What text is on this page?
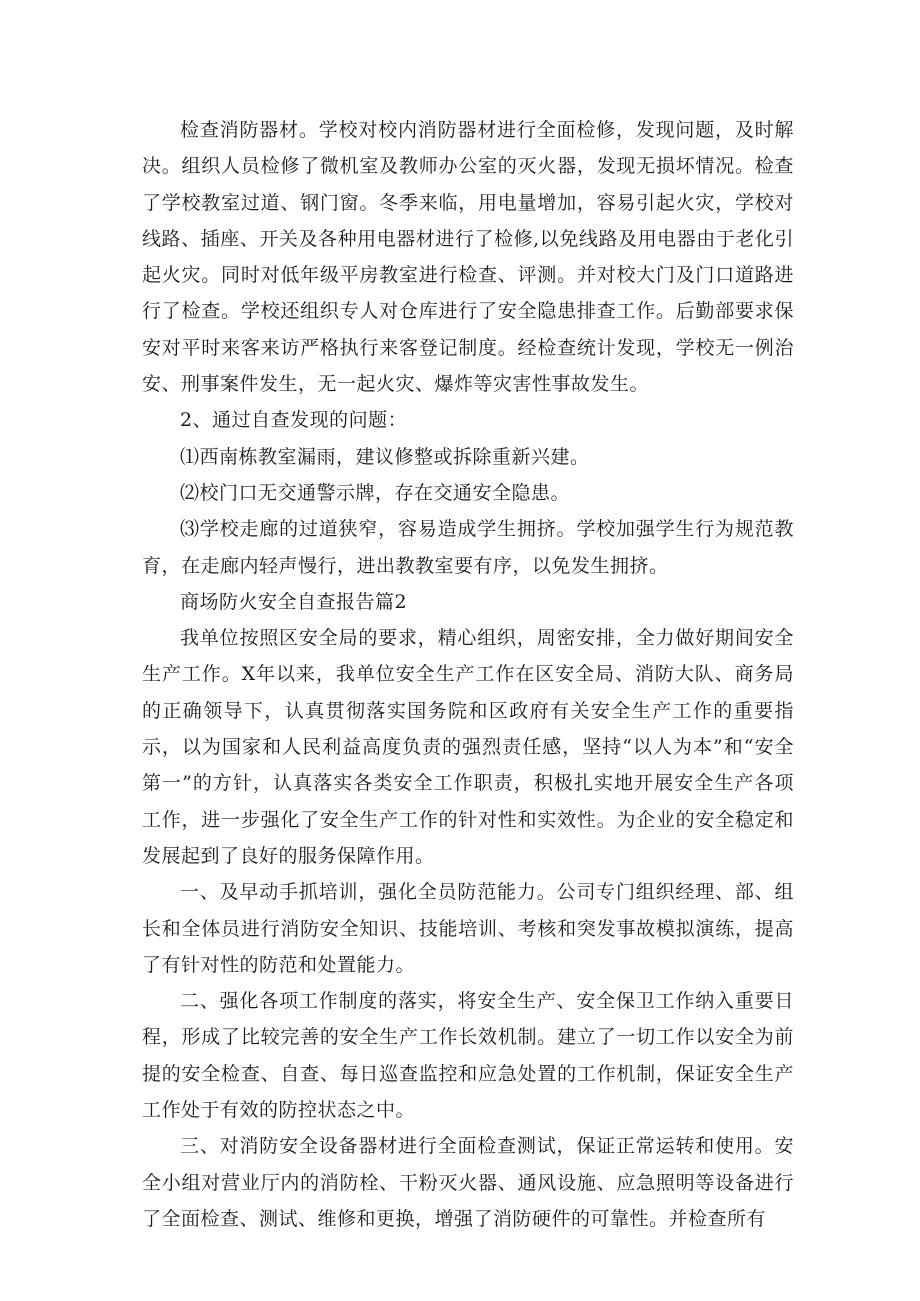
检查消防器材。学校对校内消防器材进行全面检修，发现问题，及时解决。组织人员检修了微机室及教师办公室的灭火器，发现无损坏情况。检查了学校教室过道、钢门窗。冬季来临，用电量增加，容易引起火灾，学校对线路、插座、开关及各种用电器材进行了检修,以免线路及用电器由于老化引起火灾。同时对低年级平房教室进行检查、评测。并对校大门及门口道路进行了检查。学校还组织专人对仓库进行了安全隐患排查工作。后勤部要求保安对平时来客来访严格执行来客登记制度。经检查统计发现，学校无一例治安、刑事案件发生，无一起火灾、爆炸等灾害性事故发生。

2、通过自查发现的问题：

⑴西南栋教室漏雨，建议修整或拆除重新兴建。

⑵校门口无交通警示牌，存在交通安全隐患。

⑶学校走廊的过道狭窄，容易造成学生拥挤。学校加强学生行为规范教育，在走廊内轻声慢行，进出教教室要有序，以免发生拥挤。

商场防火安全自查报告篇2

我单位按照区安全局的要求，精心组织，周密安排，全力做好期间安全生产工作。X年以来，我单位安全生产工作在区安全局、消防大队、商务局的正确领导下，认真贯彻落实国务院和区政府有关安全生产工作的重要指示，以为国家和人民利益高度负责的强烈责任感，坚持“以人为本”和“安全第一”的方针，认真落实各类安全工作职责，积极扎实地开展安全生产各项工作，进一步强化了安全生产工作的针对性和实效性。为企业的安全稳定和发展起到了良好的服务保障作用。

一、及早动手抓培训，强化全员防范能力。公司专门组织经理、部、组长和全体员进行消防安全知识、技能培训、考核和突发事故模拟演练，提高了有针对性的防范和处置能力。

二、强化各项工作制度的落实，将安全生产、安全保卫工作纳入重要日程，形成了比较完善的安全生产工作长效机制。建立了一切工作以安全为前提的安全检查、自查、每日巡查监控和应急处置的工作机制，保证安全生产工作处于有效的防控状态之中。

三、对消防安全设备器材进行全面检查测试，保证正常运转和使用。安全小组对营业厅内的消防栓、干粉灭火器、通风设施、应急照明等设备进行了全面检查、测试、维修和更换，增强了消防硬件的可靠性。并检查所有
